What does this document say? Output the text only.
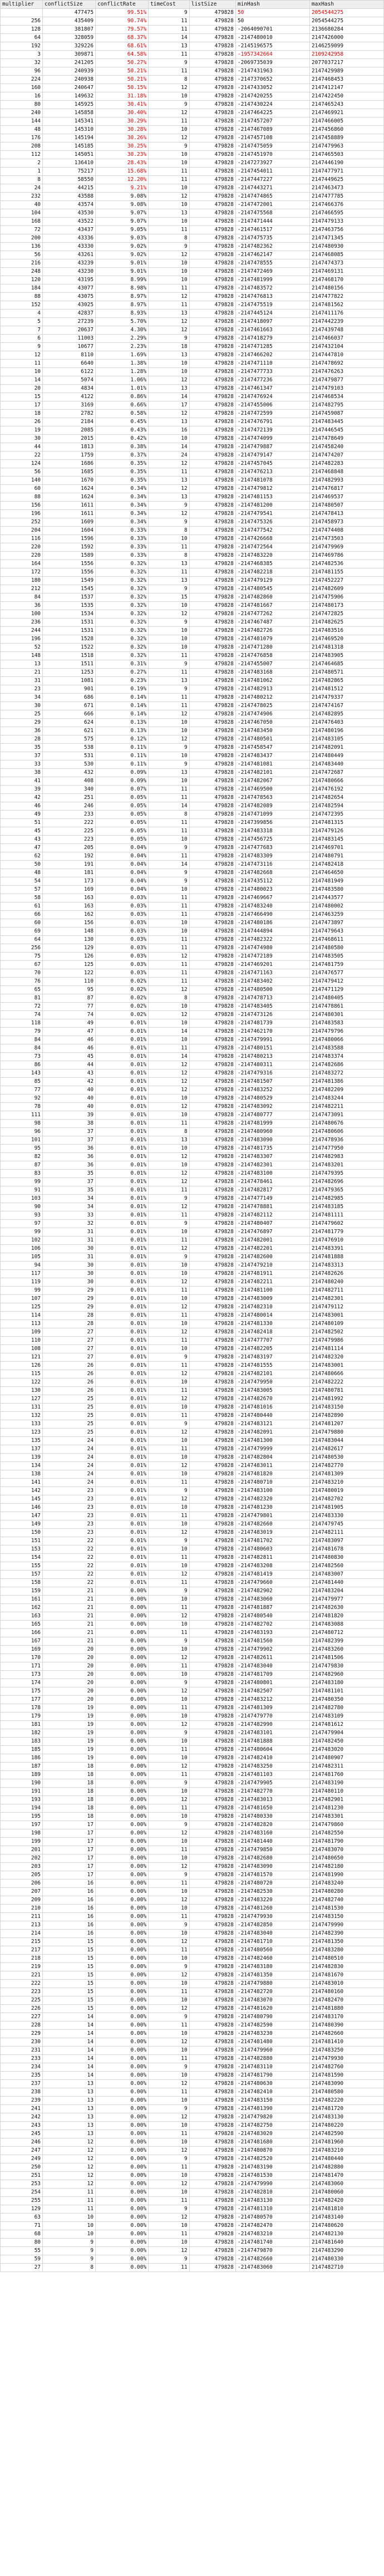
multiplier	conflictSize	conflictRate	timeCost	listSize	minHash	maxHash
	477475	99.51%	9	479828	50	2054544275
256	435409	90.74%	11	479828	50	2054544275
128	381807	79.57%	11	479828	-2064090701	2136680284
64	328059	68.37%	14	479828	-2147480010	2147426000
192	329226	68.61%	13	479828	-2145196575	2146259099
3	309871	64.58%	11	479828	-1957342664	2109242958
32	241205	50.27%	9	479828	-2069735039	2077037217
96	240939	50.21%	11	479828	-2147431963	2147429989
224	240938	50.21%	8	479828	-2147370652	2147468453
160	240647	50.15%	12	479828	-2147433052	2147412147
16	149632	31.18%	10	479828	-2147420255	2147422450
80	145925	30.41%	9	479828	-2147430224	2147465243
240	145858	30.40%	12	479828	-2147464225	2147469921
144	145341	30.29%	11	479828	-2147457207	2147466005
48	145310	30.28%	10	479828	-2147467089	2147456860
176	145194	30.26%	12	479828	-2147457108	2147458889
208	145185	30.25%	9	479828	-2147475059	2147479963
112	145051	30.23%	10	479828	-2147451970	2147465503
2	136410	28.43%	10	479828	-2147273927	2147446190
1	75217	15.68%	11	479828	-2147454011	2147477971
8	58550	12.20%	11	479828	-2147447227	2147449625
24	44215	9.21%	10	479828	-2147443271	2147463473
232	43588	9.08%	12	479828	-2147474865	2147477785
40	43574	9.08%	10	479828	-2147472001	2147466376
104	43530	9.07%	13	479828	-2147475568	2147466595
168	43522	9.07%	10	479828	-2147471444	2147479133
72	43437	9.05%	11	479828	-2147461517	2147463756
200	43336	9.03%	8	479828	-2147475735	2147471345
136	43330	9.02%	9	479828	-2147482362	2147480930
56	43261	9.02%	12	479828	-2147462147	2147468085
216	43239	9.01%	10	479828	-2147478555	2147474373
248	43230	9.01%	10	479828	-2147472469	2147469131
120	43195	8.99%	10	479828	-2147481999	2147468170
184	43077	8.98%	11	479828	-2147483572	2147480156
88	43075	8.97%	12	479828	-2147476813	2147477822
152	43025	8.97%	11	479828	-2147475519	2147481562
4	42837	8.93%	13	479828	-2147445124	2147411176
5	27239	5.70%	12	479828	-2147418097	2147442239
7	20637	4.30%	12	479828	-2147461663	2147439748
6	11003	2.29%	9	479828	-2147418279	2147466037
9	10677	2.23%	18	479828	-2147471285	2147432104
12	8110	1.69%	13	479828	-2147466202	2147447810
11	6640	1.38%	10	479828	-2147471110	2147478692
10	6122	1.28%	10	479828	-2147477733	2147476263
14	5074	1.06%	12	479828	-2147477236	2147479877
20	4834	1.01%	13	479828	-2147461347	2147479103
15	4122	0.86%	14	479828	-2147476924	2147468534
17	3169	0.66%	17	479828	-2147455006	2147482795
18	2782	0.58%	12	479828	-2147472599	2147459087
26	2184	0.45%	13	479828	-2147476791	2147483445
19	2085	0.43%	16	479828	-2147472139	2147446545
30	2015	0.42%	10	479828	-2147474099	2147478649
44	1813	0.38%	14	479828	-2147479887	2147458240
22	1759	0.37%	24	479828	-2147479147	2147474207
124	1686	0.35%	12	479828	-2147457045	2147482283
56	1685	0.35%	11	479828	-2147476213	2147468848
140	1670	0.35%	13	479828	-2147481078	2147482993
60	1624	0.34%	12	479828	-2147479812	2147476817
88	1624	0.34%	13	479828	-2147481153	2147469537
156	1611	0.34%	9	479828	-2147481200	2147480507
196	1611	0.34%	12	479828	-2147479541	2147478413
252	1609	0.34%	9	479828	-2147475326	2147458973
204	1604	0.33%	8	479828	-2147477542	2147474408
116	1596	0.33%	10	479828	-2147426668	2147473503
220	1592	0.33%	11	479828	-2147472564	2147479969
220	1589	0.33%	8	479828	-2147483220	2147469786
164	1556	0.32%	13	479828	-2147468385	2147482536
172	1556	0.32%	11	479828	-2147482218	2147481155
180	1549	0.32%	13	479828	-2147479129	2147452227
212	1545	0.32%	9	479828	-2147480545	2147482609
84	1537	0.32%	15	479828	-2147482860	2147475906
36	1535	0.32%	10	479828	-2147481667	2147480173
100	1534	0.32%	12	479828	-2147477262	2147472825
236	1531	0.32%	9	479828	-2147467487	2147482625
244	1531	0.32%	10	479828	-2147482726	2147483516
196	1528	0.32%	10	479828	-2147481079	2147469520
52	1522	0.32%	10	479828	-2147471280	2147481318
148	1518	0.32%	11	479828	-2147476858	2147483905
13	1511	0.31%	9	479828	-2147455007	2147464685
21	1253	0.27%	11	479828	-2147483168	2147480571
31	1081	0.23%	13	479828	-2147481062	2147482865
23	901	0.19%	9	479828	-2147482913	2147481512
34	686	0.14%	11	479828	-2147480212	2147479337
30	671	0.14%	11	479828	-2147478025	2147474167
25	666	0.14%	12	479828	-2147474906	2147482895
29	624	0.13%	10	479828	-2147467050	2147476403
36	621	0.13%	10	479828	-2147483450	2147480196
28	575	0.12%	12	479828	-2147480501	2147483105
35	538	0.11%	9	479828	-2147458547	2147482091
37	531	0.11%	10	479828	-2147483437	2147480449
33	530	0.11%	9	479828	-2147481081	2147483440
38	432	0.09%	13	479828	-2147482101	2147472687
41	408	0.09%	10	479828	-2147482067	2147480666
39	340	0.07%	11	479828	-2147469500	2147476192
42	251	0.05%	11	479828	-2147478563	2147482654
46	246	0.05%	14	479828	-2147482089	2147482594
49	233	0.05%	8	479828	-2147471099	2147472395
51	222	0.05%	11	479828	-2147399856	2147481315
45	225	0.05%	11	479828	-2147483318	2147479126
43	223	0.05%	10	479828	-2147456725	2147483145
47	205	0.04%	9	479828	-2147477683	2147469701
62	192	0.04%	11	479828	-2147483309	2147480791
50	191	0.04%	14	479828	-2147473116	2147482418
48	181	0.04%	9	479828	-2147482668	2147464650
54	173	0.04%	9	479828	-2147435112	2147481949
57	169	0.04%	10	479828	-2147480023	2147483580
58	163	0.03%	11	479828	-2147469667	2147443577
61	163	0.03%	11	479828	-2147483240	2147480002
66	162	0.03%	11	479828	-2147466490	2147463259
60	156	0.03%	10	479828	-2147480186	2147473897
69	148	0.03%	10	479828	-2147444894	2147479643
64	130	0.03%	11	479828	-2147482322	2147468611
256	129	0.03%	11	479828	-2147474980	2147480580
75	126	0.03%	12	479828	-2147472189	2147483505
67	125	0.03%	11	479828	-2147469201	2147481759
70	122	0.03%	11	479828	-2147471163	2147476577
76	110	0.02%	11	479828	-2147483402	2147479412
65	95	0.02%	12	479828	-2147480500	2147471129
81	87	0.02%	8	479828	-2147478713	2147480405
72	77	0.02%	10	479828	-2147483405	2147478861
74	74	0.02%	12	479828	-2147473126	2147480301
118	49	0.01%	10	479828	-2147481739	2147483583
79	47	0.01%	14	479828	-2147462170	2147479796
84	46	0.01%	10	479828	-2147479991	2147480066
84	46	0.01%	11	479828	-2147480151	2147483588
73	45	0.01%	14	479828	-2147480213	2147483374
86	44	0.01%	12	479828	-2147480311	2147482686
143	43	0.01%	12	479828	-2147479316	2147483272
85	42	0.01%	12	479828	-2147481507	2147481386
77	40	0.01%	12	479828	-2147483252	2147482209
92	40	0.01%	10	479828	-2147480529	2147483244
78	40	0.01%	12	479828	-2147483092	2147482211
111	39	0.01%	10	479828	-2147480777	2147473091
98	38	0.01%	11	479828	-2147481999	2147480676
96	37	0.01%	8	479828	-2147480960	2147480606
101	37	0.01%	13	479828	-2147483090	2147478936
95	36	0.01%	10	479828	-2147481735	2147477950
82	36	0.01%	12	479828	-2147483307	2147482983
87	36	0.01%	10	479828	-2147482301	2147483201
83	35	0.01%	12	479828	-2147483100	2147479395
99	37	0.01%	12	479828	-2147478461	2147482696
91	35	0.01%	11	479828	-2147482817	2147479365
103	34	0.01%	9	479828	-2147477149	2147482985
90	34	0.01%	12	479828	-2147478881	2147483185
93	33	0.01%	11	479828	-2147482112	2147481111
97	32	0.01%	9	479828	-2147480407	2147479602
99	31	0.01%	10	479828	-2147476897	2147481779
102	31	0.01%	11	479828	-2147482001	2147476910
106	30	0.01%	12	479828	-2147482201	2147483391
105	31	0.01%	9	479828	-2147482600	2147481888
94	30	0.01%	10	479828	-2147479210	2147483313
117	30	0.01%	10	479828	-2147481911	2147482626
119	30	0.01%	12	479828	-2147482211	2147480240
99	29	0.01%	11	479828	-2147481100	2147482711
107	29	0.01%	10	479828	-2147483009	2147482301
125	29	0.01%	12	479828	-2147482310	2147479112
114	28	0.01%	11	479828	-2147480014	2147483001
113	28	0.01%	10	479828	-2147481330	2147480109
109	27	0.01%	12	479828	-2147482418	2147482502
110	27	0.01%	11	479828	-2147477707	2147479986
108	27	0.01%	10	479828	-2147482205	2147481114
121	27	0.01%	9	479828	-2147483197	2147482320
126	26	0.01%	11	479828	-2147481555	2147483001
115	26	0.01%	12	479828	-2147482101	2147480666
122	26	0.01%	10	479828	-2147479950	2147482222
130	26	0.01%	11	479828	-2147483005	2147480781
127	25	0.01%	12	479828	-2147482670	2147481992
131	25	0.01%	10	479828	-2147481016	2147483150
132	25	0.01%	11	479828	-2147480440	2147482890
133	25	0.01%	9	479828	-2147483121	2147481207
123	25	0.01%	12	479828	-2147482091	2147479880
135	24	0.01%	10	479828	-2147481300	2147483044
137	24	0.01%	11	479828	-2147479999	2147482617
139	24	0.01%	10	479828	-2147482804	2147480530
134	24	0.01%	12	479828	-2147483011	2147482770
138	24	0.01%	10	479828	-2147481820	2147481309
141	24	0.01%	11	479828	-2147480710	2147483210
142	23	0.01%	9	479828	-2147483100	2147480019
145	23	0.01%	12	479828	-2147482320	2147482702
146	23	0.01%	10	479828	-2147481230	2147481905
147	23	0.01%	11	479828	-2147479801	2147483330
149	23	0.01%	10	479828	-2147482660	2147479745
150	23	0.01%	12	479828	-2147483019	2147482111
151	22	0.01%	9	479828	-2147481702	2147483097
153	22	0.01%	10	479828	-2147480603	2147481678
154	22	0.01%	11	479828	-2147482811	2147480830
155	22	0.01%	10	479828	-2147483208	2147482560
157	22	0.01%	12	479828	-2147481419	2147483007
158	22	0.01%	11	479828	-2147479660	2147481440
159	21	0.00%	9	479828	-2147482902	2147483204
161	21	0.00%	10	479828	-2147483060	2147479977
162	21	0.00%	11	479828	-2147481887	2147482630
163	21	0.00%	12	479828	-2147480540	2147481820
165	21	0.00%	10	479828	-2147482702	2147483088
166	21	0.00%	11	479828	-2147483193	2147480712
167	21	0.00%	9	479828	-2147481560	2147482399
169	20	0.00%	10	479828	-2147479902	2147483260
170	20	0.00%	12	479828	-2147482611	2147481506
171	20	0.00%	11	479828	-2147483040	2147479830
173	20	0.00%	10	479828	-2147481709	2147482960
174	20	0.00%	9	479828	-2147480801	2147483180
175	20	0.00%	12	479828	-2147482507	2147481101
177	20	0.00%	10	479828	-2147483212	2147480350
178	19	0.00%	11	479828	-2147481309	2147482780
179	19	0.00%	10	479828	-2147479770	2147483109
181	19	0.00%	12	479828	-2147482990	2147481612
182	19	0.00%	9	479828	-2147483101	2147479904
183	19	0.00%	10	479828	-2147481888	2147482450
185	19	0.00%	11	479828	-2147480604	2147483020
186	19	0.00%	10	479828	-2147482410	2147480907
187	18	0.00%	12	479828	-2147483250	2147482311
189	18	0.00%	11	479828	-2147481103	2147481760
190	18	0.00%	9	479828	-2147479905	2147483190
191	18	0.00%	10	479828	-2147482770	2147480110
193	18	0.00%	12	479828	-2147483013	2147482901
194	18	0.00%	11	479828	-2147481650	2147481230
195	18	0.00%	10	479828	-2147480330	2147483301
197	17	0.00%	9	479828	-2147482820	2147479860
198	17	0.00%	12	479828	-2147483160	2147482550
199	17	0.00%	10	479828	-2147481440	2147481790
201	17	0.00%	11	479828	-2147479850	2147483070
202	17	0.00%	10	479828	-2147482680	2147480650
203	17	0.00%	12	479828	-2147483090	2147482180
205	17	0.00%	9	479828	-2147481570	2147481990
206	16	0.00%	11	479828	-2147480720	2147483240
207	16	0.00%	10	479828	-2147482530	2147480280
209	16	0.00%	12	479828	-2147483220	2147482740
210	16	0.00%	10	479828	-2147481260	2147481530
211	16	0.00%	11	479828	-2147479930	2147483150
213	16	0.00%	9	479828	-2147482850	2147479990
214	16	0.00%	10	479828	-2147483040	2147482390
215	15	0.00%	12	479828	-2147481710	2147481350
217	15	0.00%	11	479828	-2147480560	2147483280
218	15	0.00%	10	479828	-2147482460	2147480510
219	15	0.00%	9	479828	-2147483180	2147482830
221	15	0.00%	12	479828	-2147481350	2147481670
222	15	0.00%	10	479828	-2147479880	2147483010
223	15	0.00%	11	479828	-2147482720	2147480160
225	15	0.00%	10	479828	-2147483070	2147482470
226	15	0.00%	12	479828	-2147481620	2147481880
227	14	0.00%	9	479828	-2147480790	2147483170
228	14	0.00%	11	479828	-2147482590	2147480390
229	14	0.00%	10	479828	-2147483230	2147482660
230	14	0.00%	12	479828	-2147481480	2147481410
231	14	0.00%	10	479828	-2147479960	2147483250
233	14	0.00%	11	479828	-2147482880	2147479930
234	14	0.00%	9	479828	-2147483110	2147482760
235	14	0.00%	10	479828	-2147481790	2147481590
237	13	0.00%	12	479828	-2147480630	2147483090
238	13	0.00%	11	479828	-2147482410	2147480580
239	13	0.00%	10	479828	-2147483150	2147482220
241	13	0.00%	9	479828	-2147481390	2147481720
242	13	0.00%	12	479828	-2147479820	2147483130
243	13	0.00%	10	479828	-2147482750	2147480220
245	13	0.00%	11	479828	-2147483020	2147482590
246	12	0.00%	10	479828	-2147481680	2147481960
247	12	0.00%	12	479828	-2147480870	2147483210
249	12	0.00%	9	479828	-2147482520	2147480440
250	12	0.00%	11	479828	-2147483190	2147482880
251	12	0.00%	10	479828	-2147481530	2147481470
253	12	0.00%	12	479828	-2147479990	2147483060
254	11	0.00%	10	479828	-2147482810	2147480060
255	11	0.00%	11	479828	-2147483130	2147482420
129	11	0.00%	9	479828	-2147481310	2147481810
63	10	0.00%	12	479828	-2147480570	2147483140
71	10	0.00%	10	479828	-2147482470	2147480620
68	10	0.00%	11	479828	-2147483210	2147482130
80	9	0.00%	10	479828	-2147481740	2147481640
55	9	0.00%	12	479828	-2147479870	2147483290
59	9	0.00%	9	479828	-2147482660	2147480330
27	8	0.00%	11	479828	-2147483060	2147482710
